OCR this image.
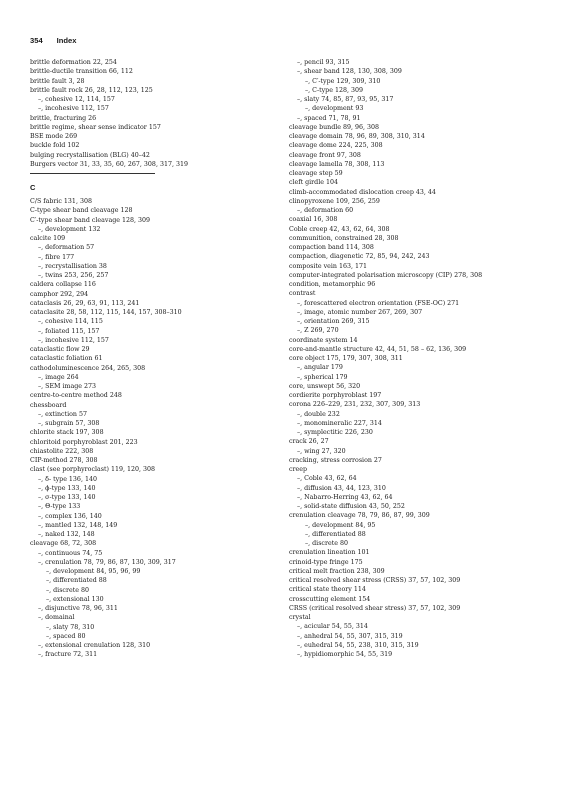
354 Index
brittle deformation 22, 254
brittle-ductile transition 66, 112
brittle fault 3, 28
brittle fault rock 26, 28, 112, 123, 125
–, cohesive 12, 114, 157
–, incohesive 112, 157
brittle, fracturing 26
brittle regime, shear sense indicator 157
BSE mode 269
buckle fold 102
bulging recrystallisation (BLG) 40–42
Burgers vector 31, 33, 35, 60, 267, 308, 317, 319
C
C/S fabric 131, 308
C-type shear band cleavage 128
C′-type shear band cleavage 128, 309
–, development 132
calcite 109
–, deformation 57
–, fibre 177
–, recrystallisation 38
–, twins 253, 256, 257
caldera collapse 116
camphor 292, 294
cataclasis 26, 29, 63, 91, 113, 241
cataclasite 28, 58, 112, 115, 144, 157, 308–310
–, cohesive 114, 115
–, foliated 115, 157
–, incohesive 112, 157
cataclastic flow 29
cataclastic foliation 61
cathodoluminescence 264, 265, 308
–, image 264
–, SEM image 273
centre-to-centre method 248
chessboard
–, extinction 57
–, subgrain 57, 308
chlorite stack 197, 308
chloritoid porphyroblast 201, 223
chiastolite 222, 308
CIP-method 278, 308
clast (see porphyroclast) 119, 120, 308
–, δ- type 136, 140
–, ϕ-type 133, 140
–, σ-type 133, 140
–, Θ-type 133
–, complex 136, 140
–, mantled 132, 148, 149
–, naked 132, 148
cleavage 68, 72, 308
–, continuous 74, 75
–, crenulation 78, 79, 86, 87, 130, 309, 317
–, development 84, 95, 96, 99
–, differentiated 88
–, discrete 80
–, extensional 130
–, disjunctive 78, 96, 311
–, domainal
–, slaty 78, 310
–, spaced 80
–, extensional crenulation 128, 310
–, fracture 72, 311
–, pencil 93, 315
–, shear band 128, 130, 308, 309
–, C′-type 129, 309, 310
–, C-type 128, 309
–, slaty 74, 85, 87, 93, 95, 317
–, development 93
–, spaced 71, 78, 91
cleavage bundle 89, 96, 308
cleavage domain 78, 96, 89, 308, 310, 314
cleavage dome 224, 225, 308
cleavage front 97, 308
cleavage lamella 78, 308, 113
cleavage step 59
cleft girdle 104
climb-accommodated dislocation creep 43, 44
clinopyroxene 109, 256, 259
–, deformation 60
coaxial 16, 308
Coble creep 42, 43, 62, 64, 308
communition, constrained 28, 308
compaction band 114, 308
compaction, diagenetic 72, 85, 94, 242, 243
composite vein 163, 171
computer-integrated polarisation microscopy (CIP) 278, 308
condition, metamorphic 96
contrast
–, forescattered electron orientation (FSE-OC) 271
–, image, atomic number 267, 269, 307
–, orientation 269, 315
–, Z 269, 270
coordinate system 14
core-and-mantle structure 42, 44, 51, 58 – 62, 136, 309
core object 175, 179, 307, 308, 311
–, angular 179
–, spherical 179
core, unswept 56, 320
cordierite porphyroblast 197
corona 226–229, 231, 232, 307, 309, 313
–, double 232
–, monomineralic 227, 314
–, symplectitic 226, 230
crack 26, 27
–, wing 27, 320
cracking, stress corrosion 27
creep
–, Coble 43, 62, 64
–, diffusion 43, 44, 123, 310
–, Nabarro-Herring 43, 62, 64
–, solid-state diffusion 43, 50, 252
crenulation cleavage 78, 79, 86, 87, 99, 309
–, development 84, 95
–, differentiated 88
–, discrete 80
crenulation lineation 101
crinoid-type fringe 175
critical melt fraction 238, 309
critical resolved shear stress (CRSS) 37, 57, 102, 309
critical state theory 114
crosscutting element 154
CRSS (critical resolved shear stress) 37, 57, 102, 309
crystal
–, acicular 54, 55, 314
–, anhedral 54, 55, 307, 315, 319
–, euhedral 54, 55, 238, 310, 315, 319
–, hypidiomorphic 54, 55, 319
